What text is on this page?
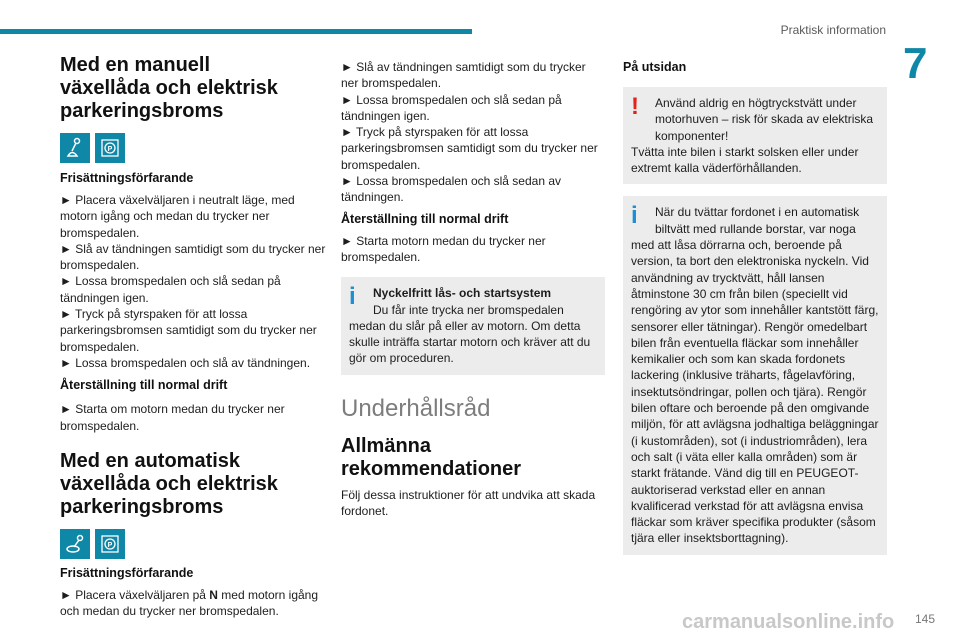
Praktisk information
7
Med en manuell växellåda och elektrisk parkeringsbroms
P
Frisättningsförfarande

► Placera växelväljaren i neutralt läge, med motorn igång och medan du trycker ner bromspedalen.

► Slå av tändningen samtidigt som du trycker ner bromspedalen.

► Lossa bromspedalen och slå sedan på tändningen igen.

► Tryck på styrspaken för att lossa parkeringsbromsen samtidigt som du trycker ner bromspedalen.

► Lossa bromspedalen och slå av tändningen.

Återställning till normal drift

► Starta om motorn medan du trycker ner bromspedalen.

Med en automatisk växellåda och elektrisk parkeringsbroms
P
Frisättningsförfarande

► Placera växelväljaren på N med motorn igång och medan du trycker ner bromspedalen.

► Slå av tändningen samtidigt som du trycker ner bromspedalen.

► Lossa bromspedalen och slå sedan på tändningen igen.

► Tryck på styrspaken för att lossa parkeringsbromsen samtidigt som du trycker ner bromspedalen.

► Lossa bromspedalen och slå sedan av tändningen.

Återställning till normal drift

► Starta motorn medan du trycker ner bromspedalen.

i	Nyckelfritt lås- och startsystem

Du får inte trycka ner bromspedalen

medan du slår på eller av motorn. Om detta skulle inträffa startar motorn och kräver att du gör om proceduren.

Underhållsråd
Allmänna rekommendationer

Följ dessa instruktioner för att undvika att skada fordonet.

På utsidan
!	Använd aldrig en högtryckstvätt under

motorhuven – risk för skada av elektriska komponenter!

Tvätta inte bilen i starkt solsken eller under extremt kalla väderförhållanden.

i	När du tvättar fordonet i en automatisk

biltvätt med rullande borstar, var noga

med att låsa dörrarna och, beroende på version, ta bort den elektroniska nyckeln. Vid användning av trycktvätt, håll lansen åtminstone 30 cm från bilen (speciellt vid rengöring av ytor som innehåller kantstött färg, sensorer eller tätningar). Rengör omedelbart bilen från eventuella fläckar som innehåller kemikalier och som kan skada fordonets lackering (inklusive träharts, fågelavföring, insektutsöndringar, pollen och tjära). Rengör bilen oftare och beroende på den omgivande miljön, för att avlägsna jodhaltiga beläggningar (i kustområden), sot (i industriområden), lera och salt (i väta eller kalla områden) som är starkt frätande. Vänd dig till en PEUGEOT-auktoriserad verkstad eller en annan kvalificerad verkstad för att avlägsna envisa fläckar som kräver specifika produkter (såsom tjära eller insektsborttagning).

carmanualsonline.info 145
